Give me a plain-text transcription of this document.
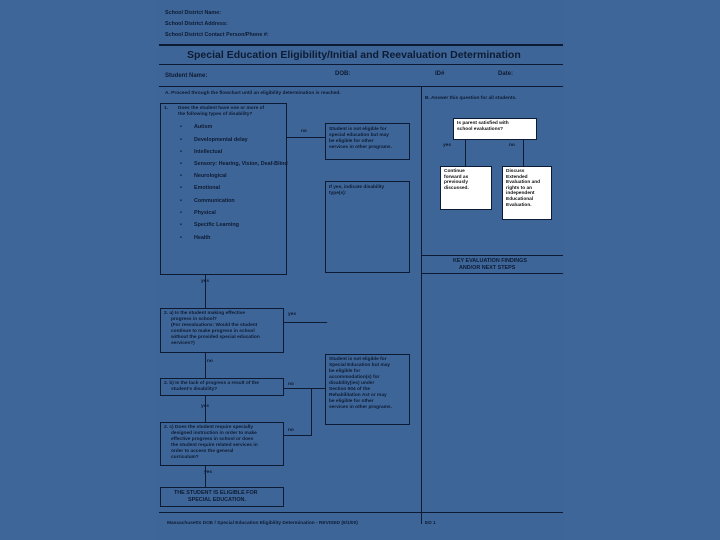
School District Name:
School District Address:
School District Contact Person/Phone #:
Special Education Eligibility/Initial and Reevaluation Determination
Student Name:	DOB:	ID#	Date:
A. Proceed through the flowchart until an eligibility determination is reached.
B. Answer this question for all students.
1. Does the student have one or more of
the following types of disability?
• Autism
• Developmental delay
• Intellectual
• Sensory: Hearing, Vision, Deaf-Blind
• Neurological
• Emotional
• Communication
• Physical
• Specific Learning
• Health
no	Student is not eligible for
special education but may
be eligible for other
services in other programs.
If yes, indicate disability
type(s):
yes
2. a) Is the student making effective
progress in school?
(For reevaluations: Would the student
continue to make progress in school
without the provided special education
services?)
yes
no
2. b) Is the lack of progress a result of the
student's disability?
no
yes
Student is not eligible for
Special Education but may
be eligible for
accommodation(s) for
disability(ies) under
Section 504 of the
Rehabilitation Act or may
be eligible for other
services in other programs.
2. c) Does the student require specially
designed instruction in order to make
effective progress in school or does
the student require related services in
order to access the general
curriculum?
no
yes
THE STUDENT IS ELIGIBLE FOR
SPECIAL EDUCATION.
Is parent satisfied with
school evaluations?
yes	no
Continue
forward as
previously
discussed.
Discuss
Extended
Evaluation and
rights to an
independent
Educational
Evaluation.
KEY EVALUATION FINDINGS
AND/OR NEXT STEPS
Massachusetts DOE / Special Education Eligibility Determination - REVISED (9/1/00)	ED 1
